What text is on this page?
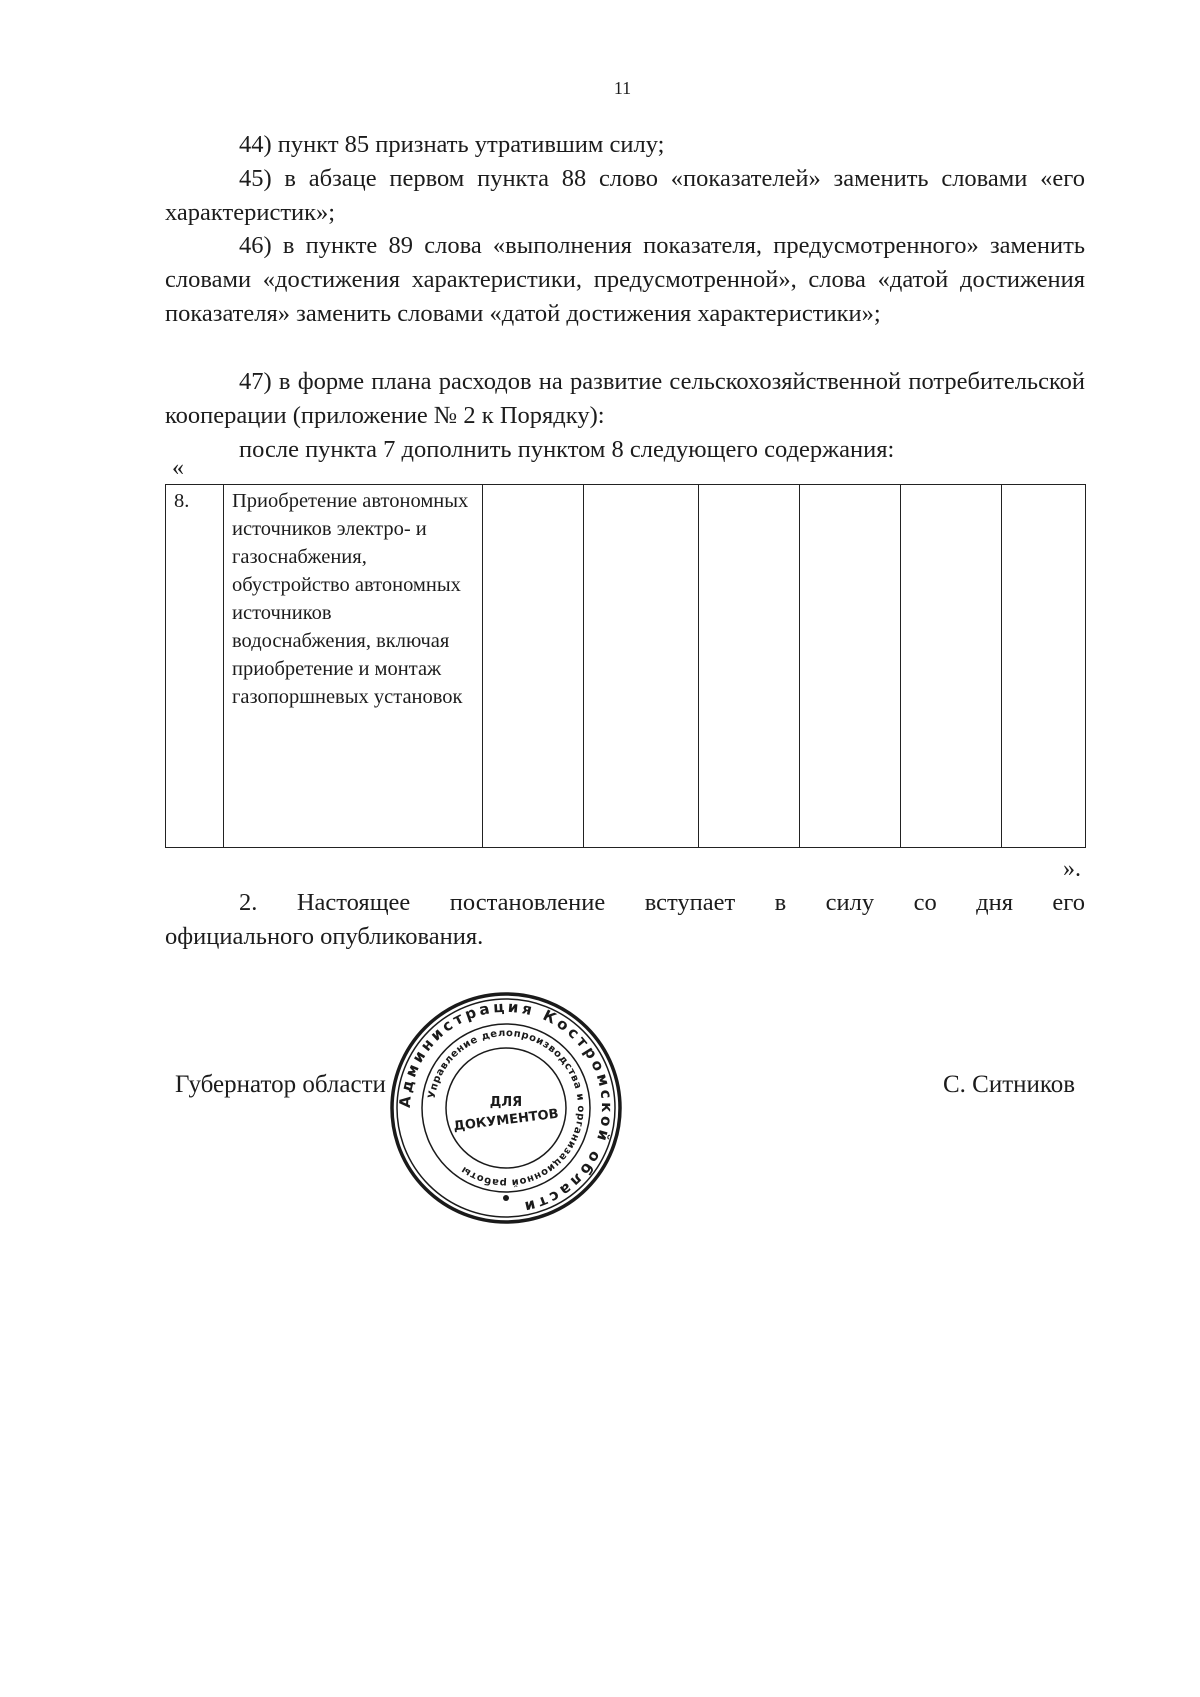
11

44) пункт 85 признать утратившим силу;

45) в абзаце первом пункта 88 слово «показателей» заменить словами «его характеристик»;

46) в пункте 89 слова «выполнения показателя, предусмотренного» заменить словами «достижения характеристики, предусмотренной», слова «датой достижения показателя» заменить словами «датой достижения характеристики»;

47) в форме плана расходов на развитие сельскохозяйственной потребительской кооперации (приложение № 2 к Порядку):

после пункта 7 дополнить пунктом 8 следующего содержания:

«
8.	Приобретение автономных источников электро- и газоснабжения, обустройство автономных источников водоснабжения, включая приобретение и монтаж газопоршневых установок						
».

2. Настоящее постановление вступает в силу со дня его

официального опубликования.

Губернатор области	С. Ситников
Администрация Костромской области
Управление делопроизводства и организационной работы
ДЛЯ
ДОКУМЕНТОВ
